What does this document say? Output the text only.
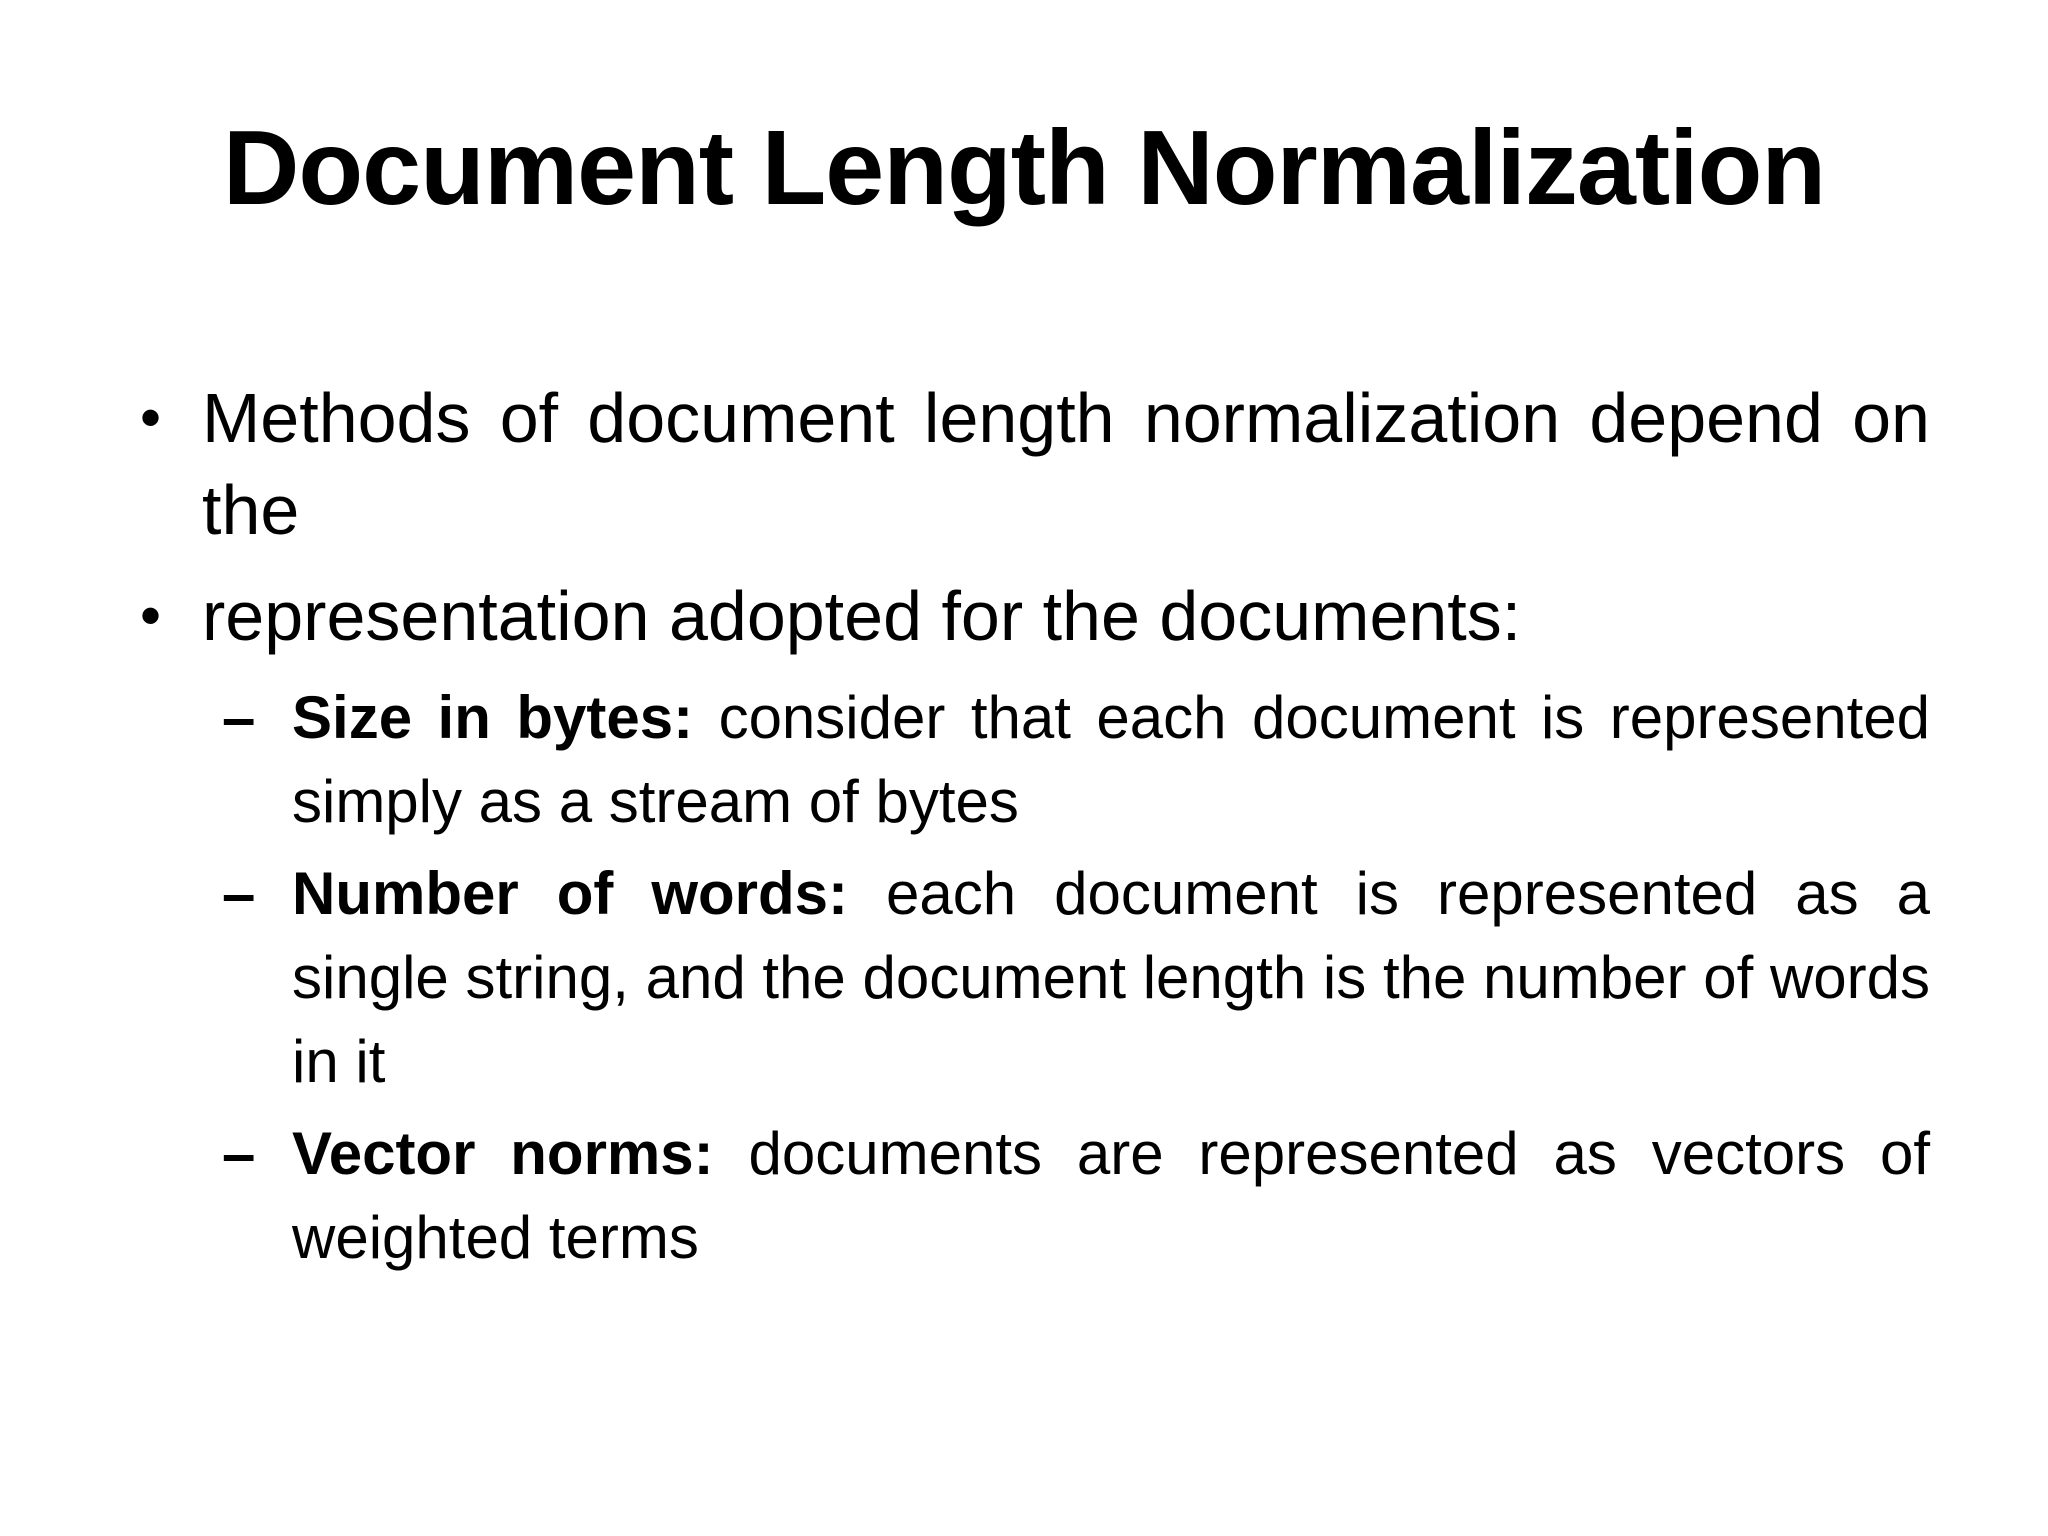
Document Length Normalization
• Methods of document length normalization depend on the
• representation adopted for the documents:
– Size in bytes: consider that each document is represented simply as a stream of bytes
– Number of words: each document is represented as a single string, and the document length is the number of words in it
– Vector norms: documents are represented as vectors of weighted terms
